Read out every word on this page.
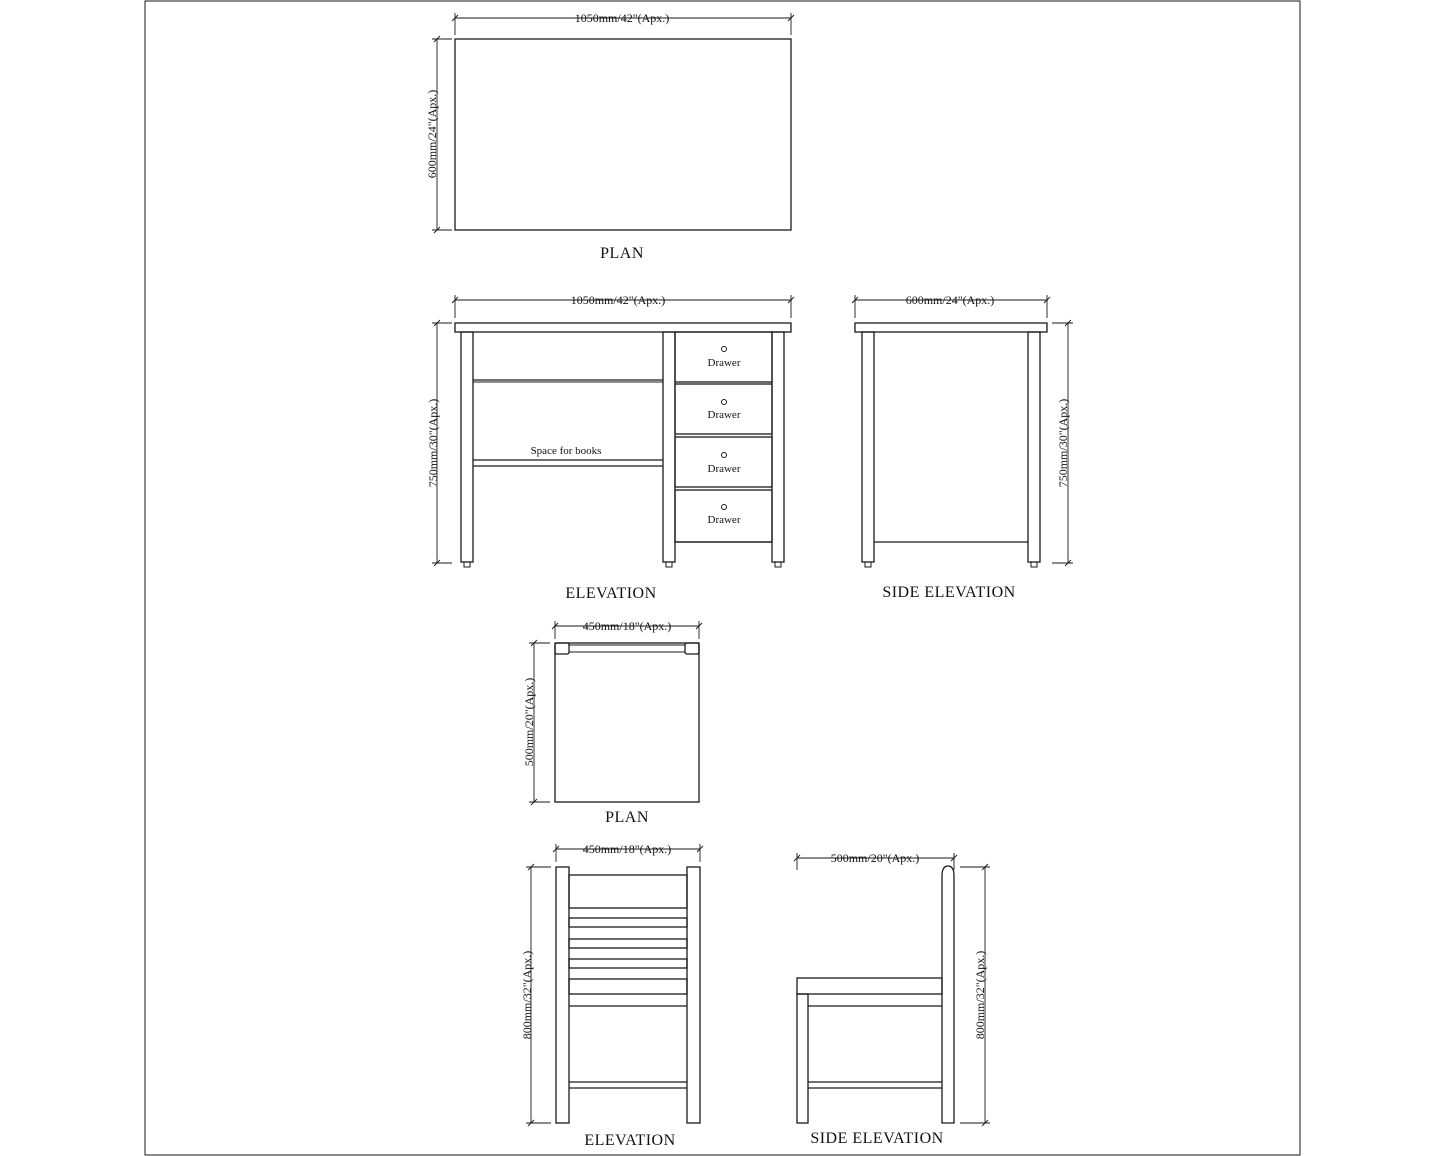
1050mm/42"(Apx.)
600mm/24"(Apx.)
PLAN
Space for books
Drawer
Drawer
Drawer
Drawer
1050mm/42"(Apx.)
750mm/30"(Apx.)
ELEVATION
600mm/24"(Apx.)
750mm/30"(Apx.)
SIDE ELEVATION
450mm/18"(Apx.)
500mm/20"(Apx.)
PLAN
450mm/18"(Apx.)
800mm/32"(Apx.)
ELEVATION
500mm/20"(Apx.)
800mm/32"(Apx.)
SIDE ELEVATION
